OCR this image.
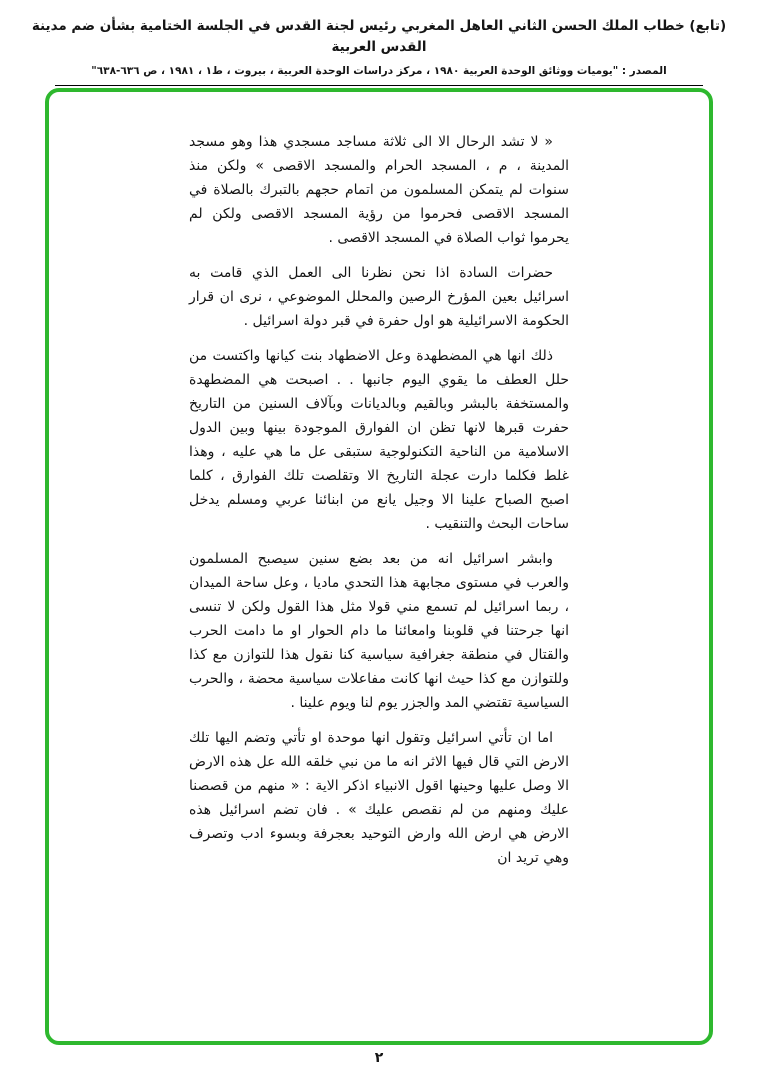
(تابع) خطاب الملك الحسن الثاني العاهل المغربي رئيس لجنة القدس في الجلسة الختامية بشأن ضم مدينة القدس العربية
المصدر : "يوميات ووثائق الوحدة العربية ١٩٨٠ ، مركز دراسات الوحدة العربية ، بيروت ، ط١ ، ١٩٨١ ، ص ٦٣٦-٦٣٨"

« لا تشد الرحال الا الى ثلاثة مساجد مسجدي هذا وهو مسجد المدينة ، م ، المسجد الحرام والمسجد الاقصى » ولكن منذ سنوات لم يتمكن المسلمون من اتمام حجهم بالتبرك بالصلاة في المسجد الاقصى فحرموا من رؤية المسجد الاقصى ولكن لم يحرموا ثواب الصلاة في المسجد الاقصى .

حضرات السادة اذا نحن نظرنا الى العمل الذي قامت به اسرائيل بعين المؤرخ الرصين والمحلل الموضوعي ، نرى ان قرار الحكومة الاسرائيلية هو اول حفرة في قبر دولة اسرائيل .

ذلك انها هي المضطهدة وعل الاضطهاد بنت كيانها واكتست من حلل العطف ما يقوي اليوم جانبها . . اصبحت هي المضطهدة والمستخفة بالبشر وبالقيم وبالديانات وبآلاف السنين من التاريخ حفرت قبرها لانها تظن ان الفوارق الموجودة بينها وبين الدول الاسلامية من الناحية التكنولوجية ستبقى عل ما هي عليه ، وهذا غلط فكلما دارت عجلة التاريخ الا وتقلصت تلك الفوارق ، كلما اصبح الصباح علينا الا وجيل يانع من ابنائنا عربي ومسلم يدخل ساحات البحث والتنقيب .

وابشر اسرائيل انه من بعد بضع سنين سيصبح المسلمون والعرب في مستوى مجابهة هذا التحدي ماديا ، وعل ساحة الميدان ، ربما اسرائيل لم تسمع مني قولا مثل هذا القول ولكن لا تنسى انها جرحتنا في قلوبنا وامعائنا ما دام الحوار او ما دامت الحرب والقتال في منطقة جغرافية سياسية كنا نقول هذا للتوازن مع كذا وللتوازن مع كذا حيث انها كانت مفاعلات سياسية محضة ، والحرب السياسية تقتضي المد والجزر يوم لنا ويوم علينا .

اما ان تأتي اسرائيل وتقول انها موحدة او تأتي وتضم اليها تلك الارض التي قال فيها الاثر انه ما من نبي خلقه الله عل هذه الارض الا وصل عليها وحينها اقول الانبياء اذكر الاية : « منهم من قصصنا عليك ومنهم من لم نقصص عليك » . فان تضم اسرائيل هذه الارض هي ارض الله وارض التوحيد بعجرفة وبسوء ادب وتصرف وهي تريد ان

٢
